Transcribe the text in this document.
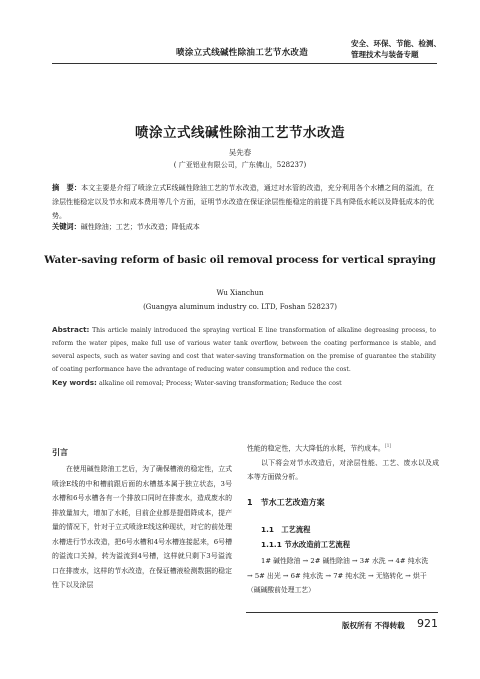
喷涂立式线碱性除油工艺节水改造
安全、环保、节能、检测、
管理技术与装备专题
喷涂立式线碱性除油工艺节水改造
吴先春
( 广亚铝业有限公司，广东佛山，528237)
摘　要：本文主要是介绍了喷涂立式E线碱性除油工艺的节水改造，通过对水管的改造，充分利用各个水槽之间的溢流，在涂层性能稳定以及节水和成本费用等几个方面，证明节水改造在保证涂层性能稳定的前提下具有降低水耗以及降低成本的优势。
关键词：碱性除油；工艺；节水改造；降低成本
Water-saving reform of basic oil removal process for vertical spraying
Wu Xianchun
(Guangya aluminum industry co. LTD, Foshan 528237)
Abstract: This article mainly introduced the spraying vertical E line transformation of alkaline degreasing process, to reform the water pipes, make full use of various water tank overflow, between the coating performance is stable, and several aspects, such as water saving and cost that water-saving transformation on the premise of guarantee the stability of coating performance have the advantage of reducing water consumption and reduce the cost.
Key words: alkaline oil removal; Process; Water-saving transformation; Reduce the cost
引言

在使用碱性除油工艺后，为了确保槽液的稳定性，立式喷涂E线的中和槽前跟后面的水槽基本属于独立状态，3号水槽和6号水槽各有一个排放口同时在排废水，造成废水的排放量加大，增加了水耗，目前企业都是提倡降成本，提产量的情况下，针对于立式喷涂E线这种现状，对它的前处理水槽进行节水改造，把6号水槽和4号水槽连接起来，6号槽的溢流口关掉，转为溢流到4号槽，这样就只剩下3号溢流口在排废水，这样的节水改造，在保证槽液检测数据的稳定性下以及涂层

性能的稳定性，大大降低的水耗，节约成本。[1]

以下将会对节水改造后，对涂层性能、工艺、废水以及成本等方面做分析。

1　节水工艺改造方案
1.1　工艺流程
1.1.1 节水改造前工艺流程
1# 碱性除油 → 2# 碱性除油 → 3# 水洗 → 4# 纯水洗
→ 5# 出光 → 6# 纯水洗 → 7# 纯水洗 → 无铬转化 → 烘干
（碱碱酸前处理工艺）
版权所有 不得转载 921
